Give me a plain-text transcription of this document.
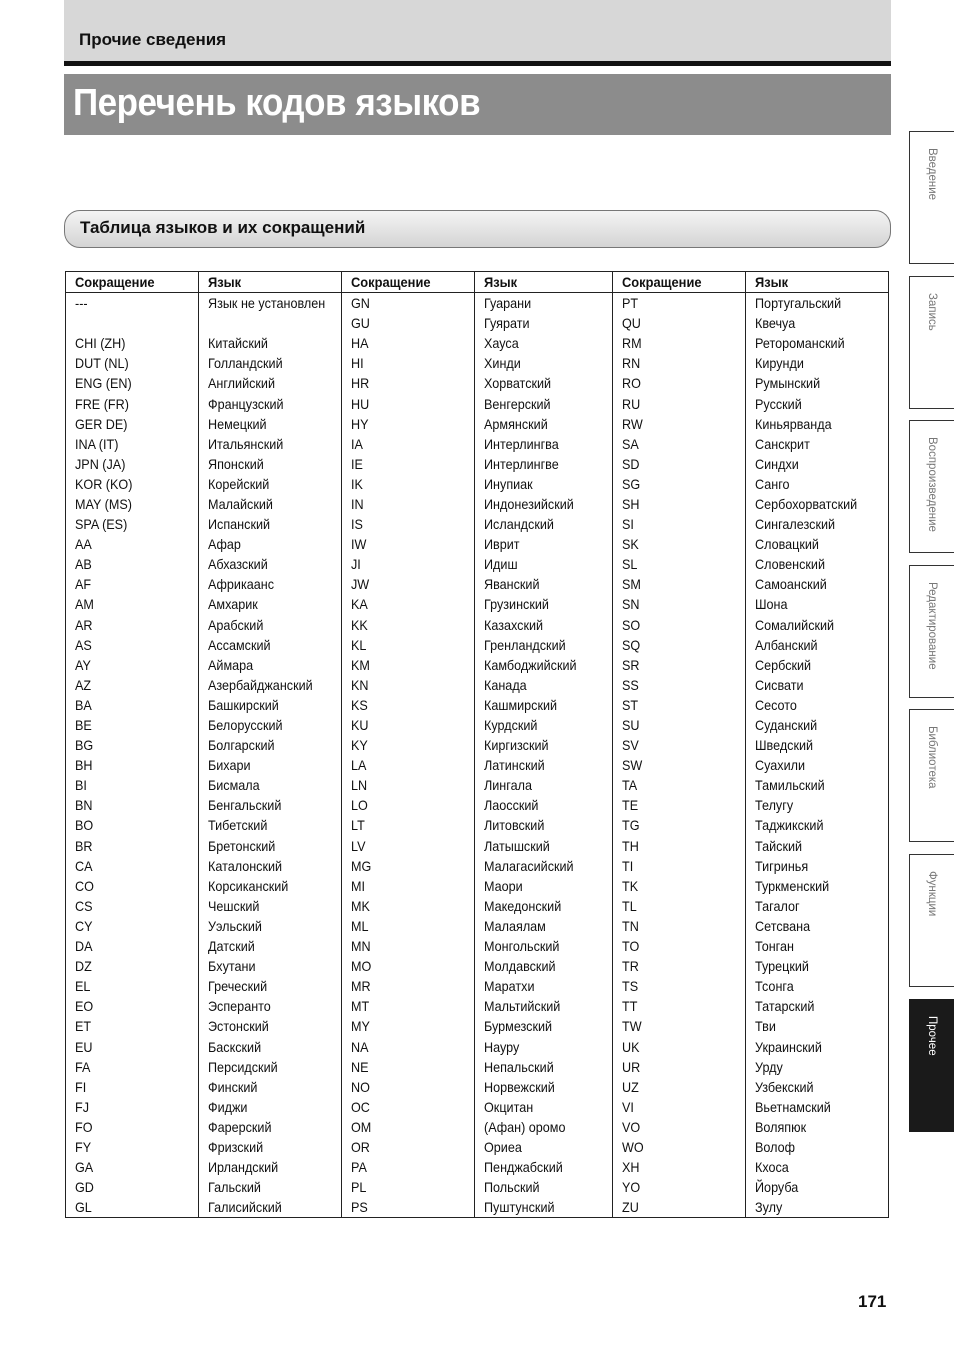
Прочие сведения
Перечень кодов языков
Таблица языков и их сокращений
Сокращение	Язык	Сокращение	Язык	Сокращение	Язык
---	Язык не установлен	GN	Гуарани	PT	Португальский
		GU	Гуярати	QU	Квечуа
CHI (ZH)	Китайский	HA	Хауса	RM	Ретороманский
DUT (NL)	Голландский	HI	Хинди	RN	Кирунди
ENG (EN)	Английский	HR	Хорватский	RO	Румынский
FRE (FR)	Французский	HU	Венгерский	RU	Русский
GER DE)	Немецкий	HY	Армянский	RW	Киньярванда
INA (IT)	Итальянский	IA	Интерлингва	SA	Санскрит
JPN (JA)	Японский	IE	Интерлингве	SD	Синдхи
KOR (KO)	Корейский	IK	Инупиак	SG	Санго
MAY (MS)	Малайский	IN	Индонезийский	SH	Сербохорватский
SPA (ES)	Испанский	IS	Исландский	SI	Сингалезский
AA	Афар	IW	Иврит	SK	Словацкий
AB	Абхазский	JI	Идиш	SL	Словенский
AF	Африкаанс	JW	Яванский	SM	Самоанский
AM	Амхарик	KA	Грузинский	SN	Шона
AR	Арабский	KK	Казахский	SO	Сомалийский
AS	Ассамский	KL	Гренландский	SQ	Албанский
AY	Аймара	KM	Камбоджийский	SR	Сербский
AZ	Азербайджанский	KN	Канада	SS	Сисвати
BA	Башкирский	KS	Кашмирский	ST	Сесото
BE	Белорусский	KU	Курдский	SU	Суданский
BG	Болгарский	KY	Киргизский	SV	Шведский
BH	Бихари	LA	Латинский	SW	Суахили
BI	Бисмала	LN	Лингала	TA	Тамильский
BN	Бенгальский	LO	Лаосский	TE	Телугу
BO	Тибетский	LT	Литовский	TG	Таджикский
BR	Бретонский	LV	Латышский	TH	Тайский
CA	Каталонский	MG	Малагасийский	TI	Тигринья
CO	Корсиканский	MI	Маори	TK	Туркменский
CS	Чешский	MK	Македонский	TL	Тагалог
CY	Уэльский	ML	Малаялам	TN	Сетсвана
DA	Датский	MN	Монгольский	TO	Тонган
DZ	Бхутани	MO	Молдавский	TR	Турецкий
EL	Греческий	MR	Маратхи	TS	Тсонга
EO	Эсперанто	MT	Мальтийский	TT	Татарский
ET	Эстонский	MY	Бурмезский	TW	Тви
EU	Баскский	NA	Науру	UK	Украинский
FA	Персидский	NE	Непальский	UR	Урду
FI	Финский	NO	Норвежский	UZ	Узбекский
FJ	Фиджи	OC	Окцитан	VI	Вьетнамский
FO	Фарерский	OM	(Афан) оромо	VO	Воляпюк
FY	Фризский	OR	Ориеа	WO	Волоф
GA	Ирландский	PA	Пенджабский	XH	Кхоса
GD	Гальский	PL	Польский	YO	Йоруба
GL	Галисийский	PS	Пуштунский	ZU	Зулу
Введение
Запись
Воспроизведение
Редактирование
Библиотека
Функции
Прочее
171
